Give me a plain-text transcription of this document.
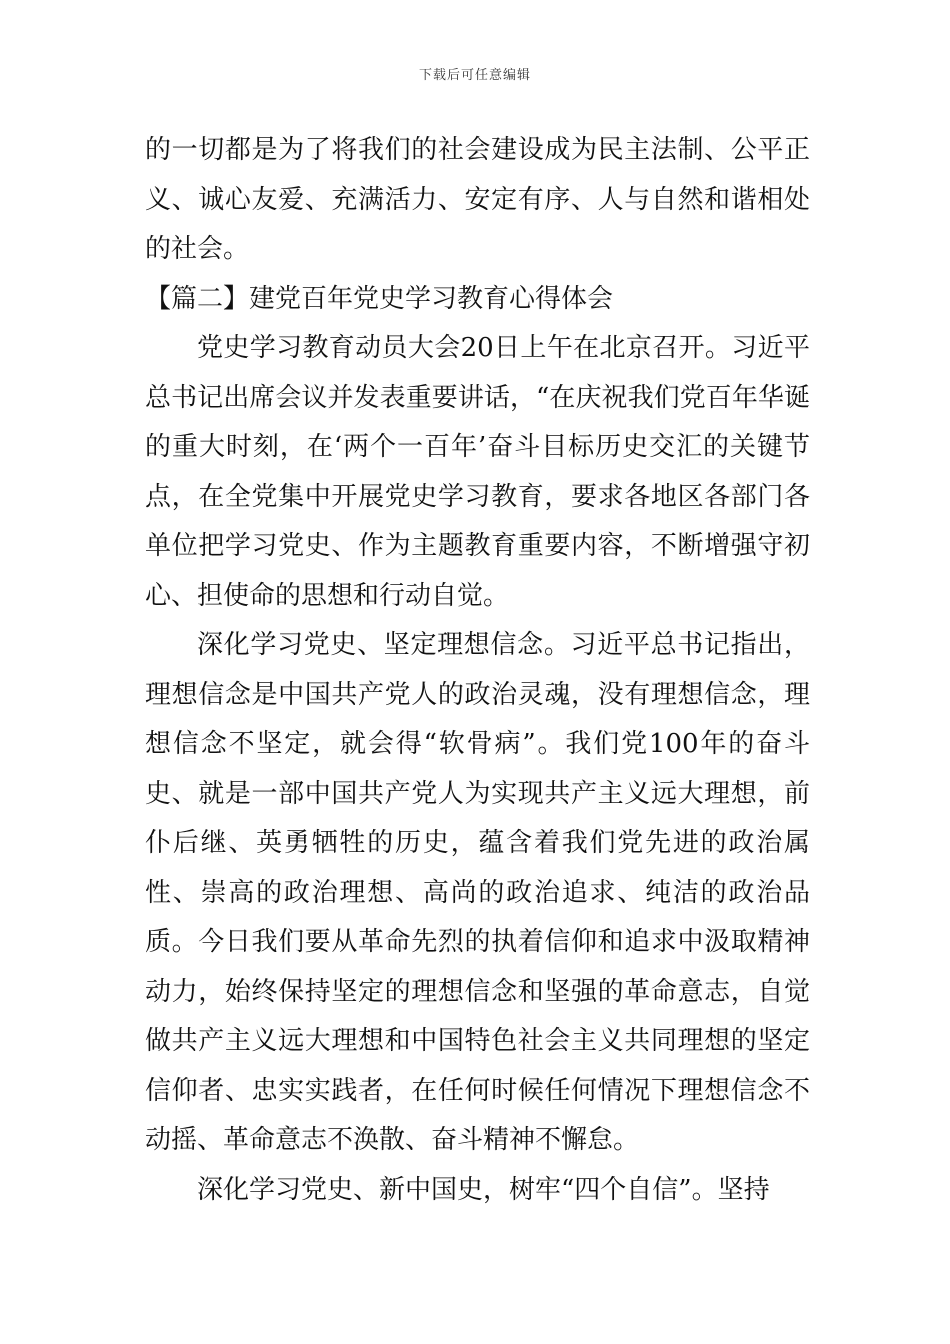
下载后可任意编辑

的一切都是为了将我们的社会建设成为民主法制、公平正义、诚心友爱、充满活力、安定有序、人与自然和谐相处的社会。

【篇二】建党百年党史学习教育心得体会

党史学习教育动员大会20日上午在北京召开。习近平总书记出席会议并发表重要讲话，“在庆祝我们党百年华诞的重大时刻，在‘两个一百年’奋斗目标历史交汇的关键节点，在全党集中开展党史学习教育，要求各地区各部门各单位把学习党史、作为主题教育重要内容，不断增强守初心、担使命的思想和行动自觉。

深化学习党史、坚定理想信念。习近平总书记指出，理想信念是中国共产党人的政治灵魂，没有理想信念，理想信念不坚定，就会得“软骨病”。我们党100年的奋斗史、就是一部中国共产党人为实现共产主义远大理想，前仆后继、英勇牺牲的历史，蕴含着我们党先进的政治属性、崇高的政治理想、高尚的政治追求、纯洁的政治品质。今日我们要从革命先烈的执着信仰和追求中汲取精神动力，始终保持坚定的理想信念和坚强的革命意志，自觉做共产主义远大理想和中国特色社会主义共同理想的坚定信仰者、忠实实践者，在任何时候任何情况下理想信念不动摇、革命意志不涣散、奋斗精神不懈怠。

深化学习党史、新中国史，树牢“四个自信”。坚持
